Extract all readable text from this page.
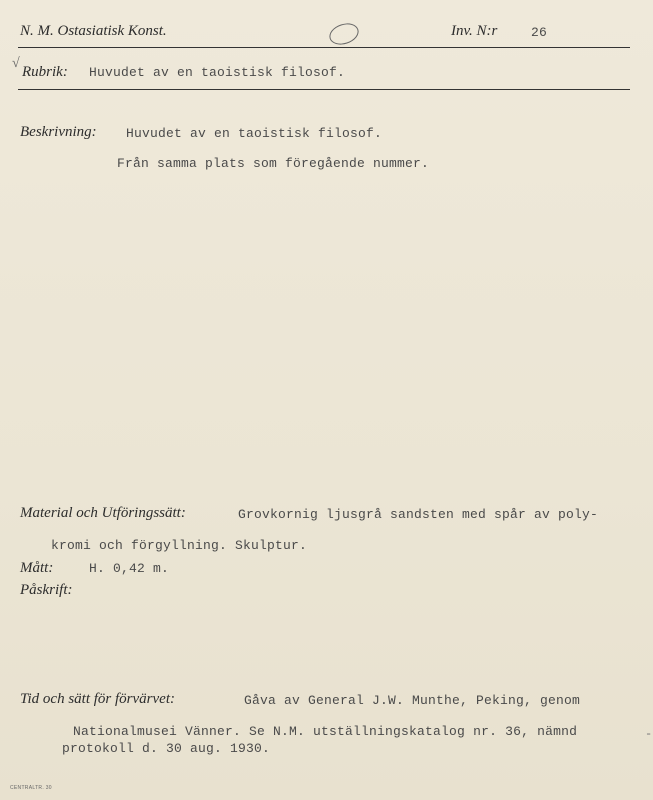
N. M. Ostasiatisk Konst.	Inv. N:r	26
√
Rubrik: Huvudet av en taoistisk filosof.
Beskrivning: Huvudet av en taoistisk filosof.
Från samma plats som föregående nummer.
Material och Utföringssätt:	Grovkornig ljusgrå sandsten med spår av poly-
kromi och förgyllning. Skulptur.
Mått:	H. 0,42 m.
Påskrift:
Tid och sätt för förvärvet:	Gåva av General J.W. Munthe, Peking, genom
Nationalmusei Vänner. Se N.M. utställningskatalog nr. 36, nämnd
protokoll d. 30 aug. 1930.
-
CENTRALTR. 30
